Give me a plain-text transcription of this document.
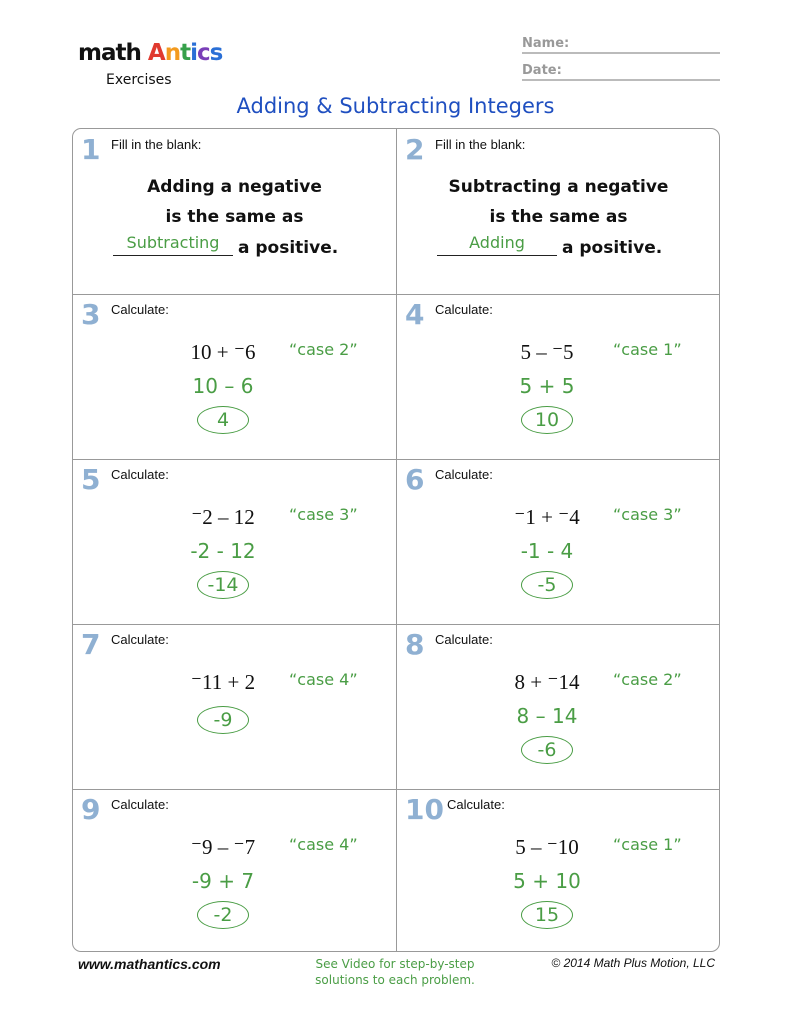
math Antics
Exercises
Name:
Date:
Adding & Subtracting Integers
1 Fill in the blank:
Adding a negative
is the same as
Subtracting	a positive.
2 Fill in the blank:
Subtracting a negative
is the same as
Adding	a positive.
3 Calculate:
10 + ⁻6	“case 2”
10 – 6
4
4 Calculate:
5 – ⁻5	“case 1”
5 + 5
10
5 Calculate:
⁻2 – 12	“case 3”
-2 - 12
-14
6 Calculate:
⁻1 + ⁻4	“case 3”
-1 - 4
-5
7 Calculate:
⁻11 + 2	“case 4”
-9
8 Calculate:
8 + ⁻14	“case 2”
8 – 14
-6
9 Calculate:
⁻9 – ⁻7	“case 4”
-9 + 7
-2
10 Calculate:
5 – ⁻10	“case 1”
5 + 10
15
www.mathantics.com	See Video for step-by-step
solutions to each problem.
© 2014 Math Plus Motion, LLC
